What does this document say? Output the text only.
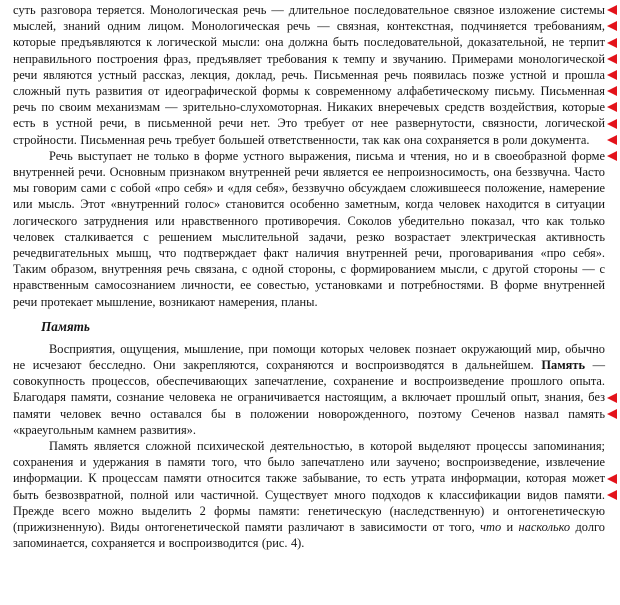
суть разговора теряется. Монологическая речь — длительное последовательное связное изложение системы мыслей, знаний одним лицом. Монологическая речь — связная, контекстная, подчиняется требованиям, которые предъявляются к логической мысли: она должна быть последовательной, доказательной, не терпит неправильного построения фраз, предъявляет требования к темпу и звучанию. Примерами монологической речи являются устный рассказ, лекция, доклад, речь. Письменная речь появилась позже устной и прошла сложный путь развития от идеографической формы к современному алфабетическому письму. Письменная речь по своим механизмам — зрительно-слухомоторная. Никаких внеречевых средств воздействия, которые есть в устной речи, в письменной речи нет. Это требует от нее развернутости, связности, логической стройности. Письменная речь требует большей ответственности, так как она сохраняется в роли документа.

Речь выступает не только в форме устного выражения, письма и чтения, но и в своеобразной форме внутренней речи. Основным признаком внутренней речи является ее непроизносимость, она беззвучна. Часто мы говорим сами с собой «про себя» и «для себя», беззвучно обсуждаем сложившееся положение, намерение или мысль. Этот «внутренний голос» становится особенно заметным, когда человек находится в ситуации логического затруднения или нравственного противоречия. Соколов убедительно показал, что как только человек сталкивается с решением мыслительной задачи, резко возрастает электрическая активность речедвигательных мышц, что подтверждает факт наличия внутренней речи, проговаривания «про себя». Таким образом, внутренняя речь связана, с одной стороны, с формированием мысли, с другой стороны — с нравственным самосознанием личности, ее совестью, установками и потребностями. В форме внутренней речи протекает мышление, возникают намерения, планы.

Память

Восприятия, ощущения, мышление, при помощи которых человек познает окружающий мир, обычно не исчезают бесследно. Они закрепляются, сохраняются и воспроизводятся в дальнейшем. Память — совокупность процессов, обеспечивающих запечатление, сохранение и воспроизведение прошлого опыта. Благодаря памяти, сознание человека не ограничивается настоящим, а включает прошлый опыт, знания, без памяти человек вечно оставался бы в положении новорожденного, поэтому Сеченов назвал память «краеугольным камнем развития».

Память является сложной психической деятельностью, в которой выделяют процессы запоминания; сохранения и удержания в памяти того, что было запечатлено или заучено; воспроизведение, извлечение информации. К процессам памяти относится также забывание, то есть утрата информации, которая может быть безвозвратной, полной или частичной. Существует много подходов к классификации видов памяти. Прежде всего можно выделить 2 формы памяти: генетическую (наследственную) и онтогенетическую (прижизненную). Виды онтогенетической памяти различают в зависимости от того, что и насколько долго запоминается, сохраняется и воспроизводится (рис. 4).
